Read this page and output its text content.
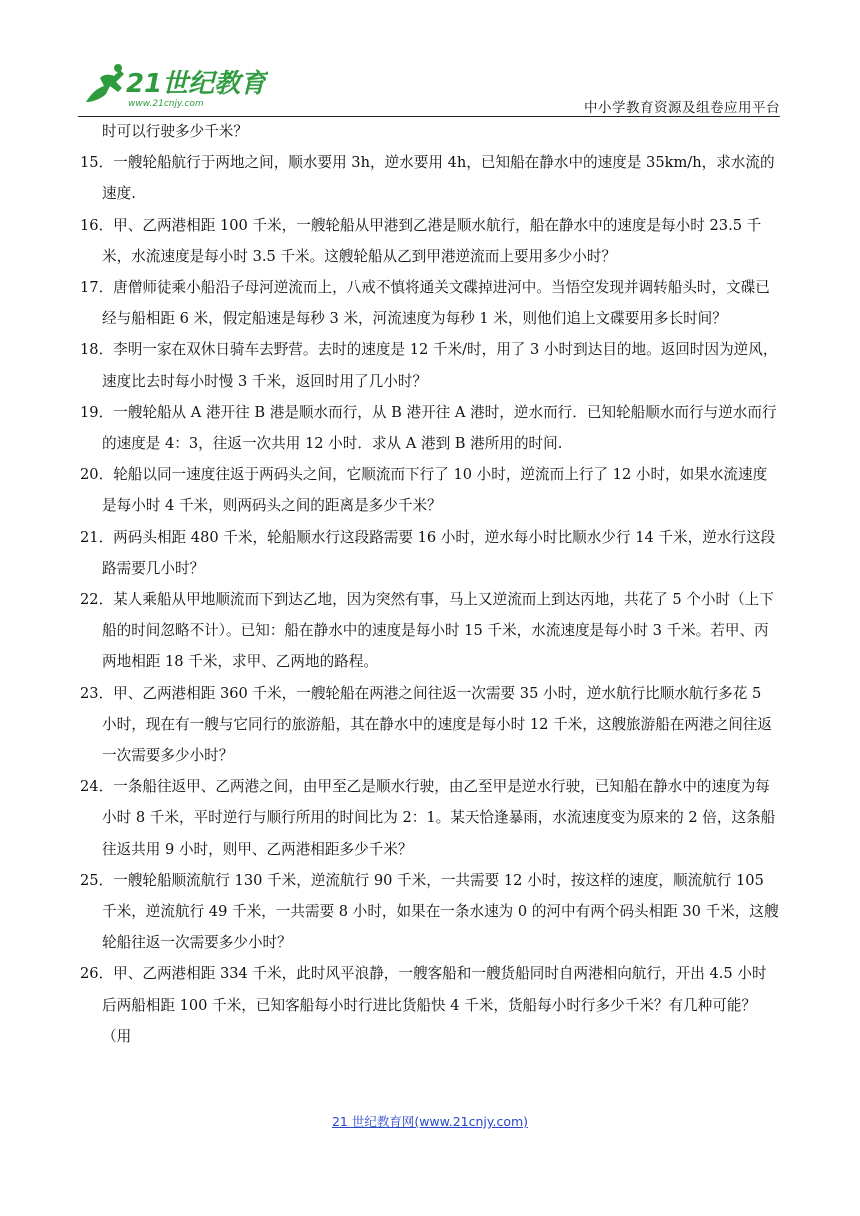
21世纪教育
www.21cnjy.com	中小学教育资源及组卷应用平台

时可以行驶多少千米？

15．一艘轮船航行于两地之间，顺水要用 3h，逆水要用 4h，已知船在静水中的速度是 35km/h，求水流的速度.

16．甲、乙两港相距 100 千米，一艘轮船从甲港到乙港是顺水航行，船在静水中的速度是每小时 23.5 千米，水流速度是每小时 3.5 千米。这艘轮船从乙到甲港逆流而上要用多少小时？

17．唐僧师徒乘小船沿子母河逆流而上，八戒不慎将通关文碟掉进河中。当悟空发现并调转船头时，文碟已经与船相距 6 米，假定船速是每秒 3 米，河流速度为每秒 1 米，则他们追上文碟要用多长时间？

18．李明一家在双休日骑车去野营。去时的速度是 12 千米/时，用了 3 小时到达目的地。返回时因为逆风，速度比去时每小时慢 3 千米，返回时用了几小时？

19．一艘轮船从 A 港开往 B 港是顺水而行，从 B 港开往 A 港时，逆水而行．已知轮船顺水而行与逆水而行的速度是 4：3，往返一次共用 12 小时．求从 A 港到 B 港所用的时间.

20．轮船以同一速度往返于两码头之间，它顺流而下行了 10 小时，逆流而上行了 12 小时，如果水流速度是每小时 4 千米，则两码头之间的距离是多少千米？

21．两码头相距 480 千米，轮船顺水行这段路需要 16 小时，逆水每小时比顺水少行 14 千米，逆水行这段路需要几小时？

22．某人乘船从甲地顺流而下到达乙地，因为突然有事，马上又逆流而上到达丙地，共花了 5 个小时（上下船的时间忽略不计）。已知：船在静水中的速度是每小时 15 千米，水流速度是每小时 3 千米。若甲、丙两地相距 18 千米，求甲、乙两地的路程。

23．甲、乙两港相距 360 千米，一艘轮船在两港之间往返一次需要 35 小时，逆水航行比顺水航行多花 5 小时，现在有一艘与它同行的旅游船，其在静水中的速度是每小时 12 千米，这艘旅游船在两港之间往返一次需要多少小时？

24．一条船往返甲、乙两港之间，由甲至乙是顺水行驶，由乙至甲是逆水行驶，已知船在静水中的速度为每小时 8 千米，平时逆行与顺行所用的时间比为 2：1。某天恰逢暴雨，水流速度变为原来的 2 倍，这条船往返共用 9 小时，则甲、乙两港相距多少千米？

25．一艘轮船顺流航行 130 千米，逆流航行 90 千米，一共需要 12 小时，按这样的速度，顺流航行 105 千米，逆流航行 49 千米，一共需要 8 小时，如果在一条水速为 0 的河中有两个码头相距 30 千米，这艘轮船往返一次需要多少小时？

26．甲、乙两港相距 334 千米，此时风平浪静，一艘客船和一艘货船同时自两港相向航行，开出 4.5 小时后两船相距 100 千米，已知客船每小时行进比货船快 4 千米，货船每小时行多少千米？有几种可能？（用

21 世纪教育网(www.21cnjy.com)
